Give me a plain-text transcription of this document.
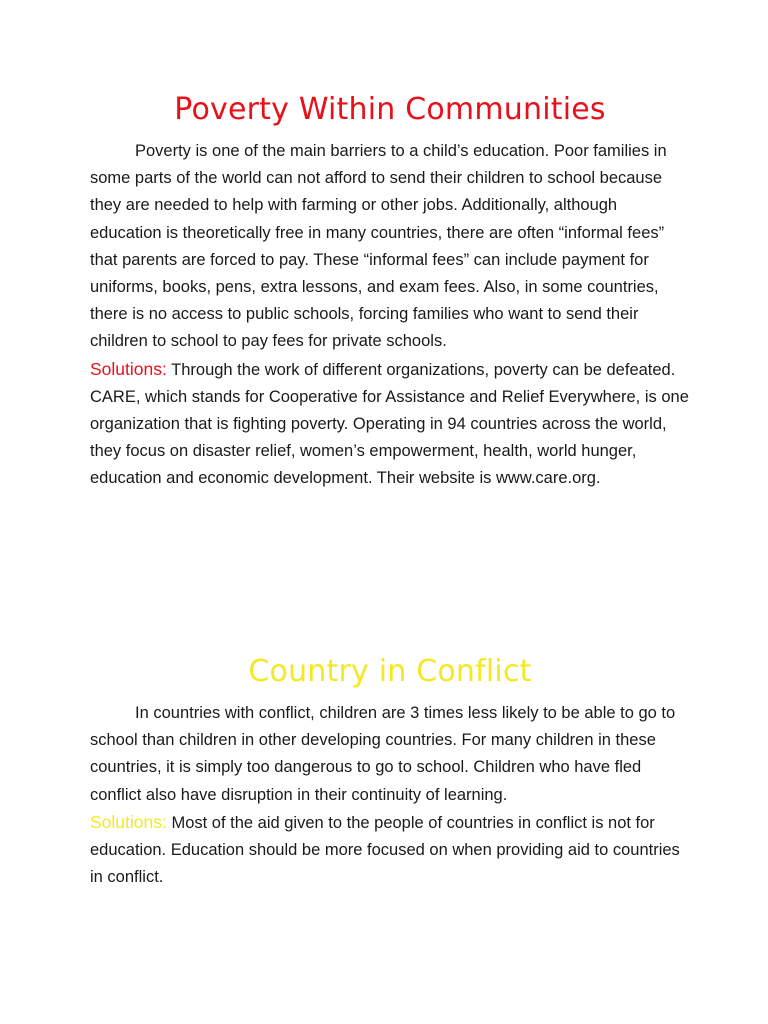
Poverty Within Communities

Poverty is one of the main barriers to a child’s education. Poor families in some parts of the world can not afford to send their children to school because they are needed to help with farming or other jobs. Additionally, although education is theoretically free in many countries, there are often “informal fees” that parents are forced to pay. These “informal fees” can include payment for uniforms, books, pens, extra lessons, and exam fees. Also, in some countries, there is no access to public schools, forcing families who want to send their children to school to pay fees for private schools.

Solutions: Through the work of different organizations, poverty can be defeated. CARE, which stands for Cooperative for Assistance and Relief Everywhere, is one organization that is fighting poverty. Operating in 94 countries across the world, they focus on disaster relief, women’s empowerment, health, world hunger, education and economic development. Their website is www.care.org.

Country in Conflict

In countries with conflict, children are 3 times less likely to be able to go to school than children in other developing countries. For many children in these countries, it is simply too dangerous to go to school. Children who have fled conflict also have disruption in their continuity of learning.

Solutions: Most of the aid given to the people of countries in conflict is not for education. Education should be more focused on when providing aid to countries in conflict.
